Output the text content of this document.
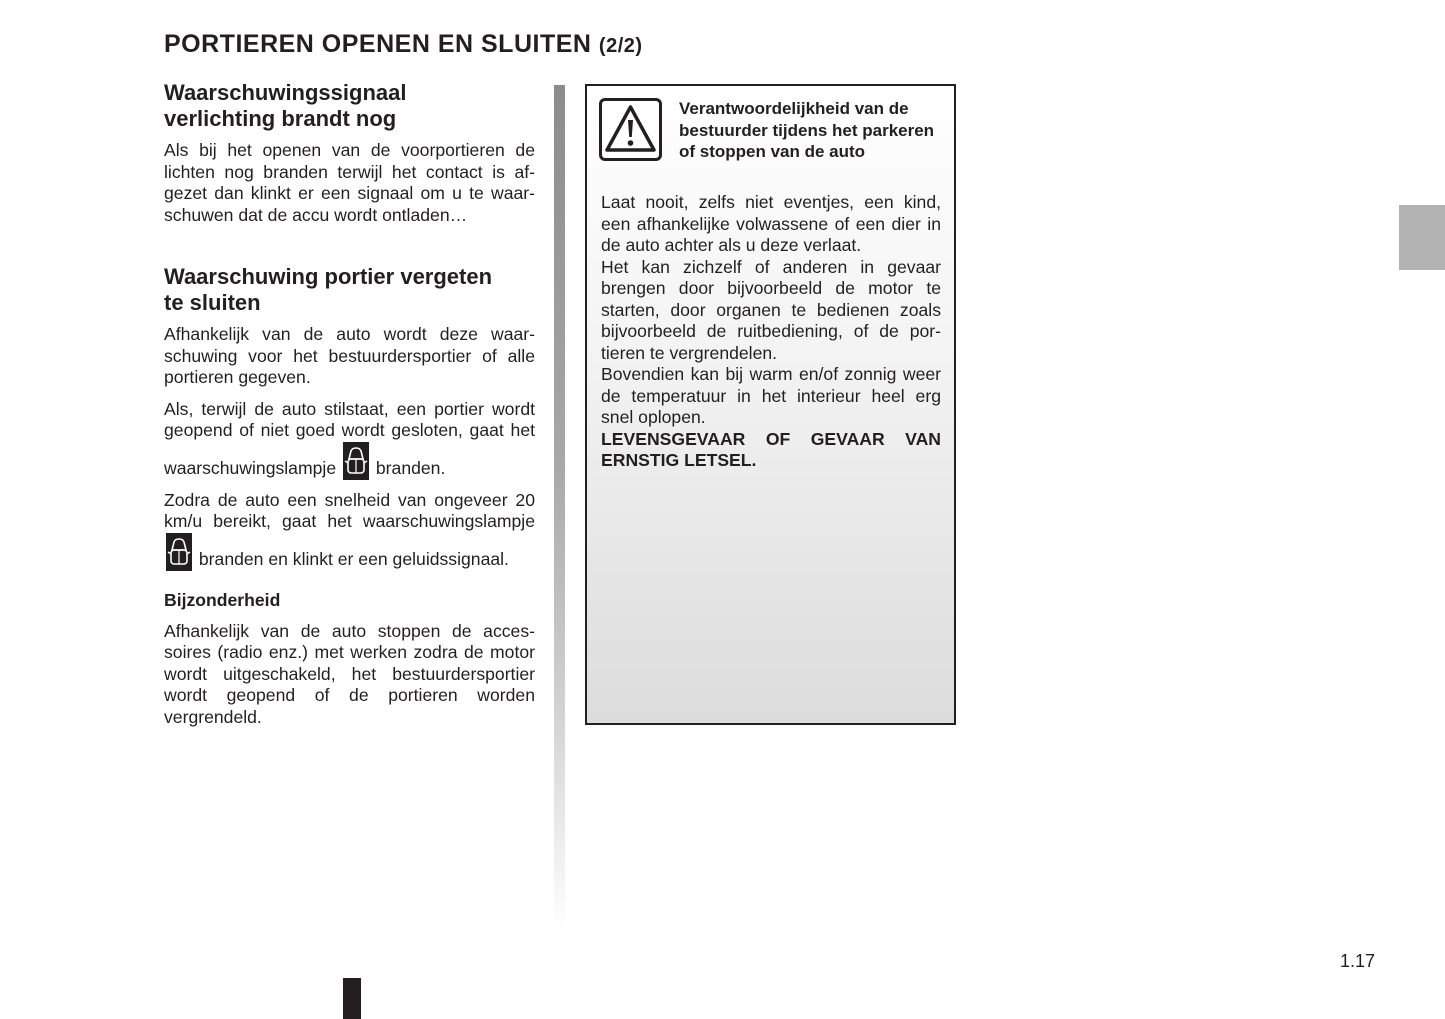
PORTIEREN OPENEN EN SLUITEN (2/2)
Waarschuwingssignaal
verlichting brandt nog

Als bij het openen van de voorportieren de lichten nog branden terwijl het contact is afgezet dan klinkt er een signaal om u te waarschuwen dat de accu wordt ontladen…

Waarschuwing portier vergeten
te sluiten

Afhankelijk van de auto wordt deze waarschuwing voor het bestuurdersportier of alle portieren gegeven.

Als, terwijl de auto stilstaat, een portier wordt geopend of niet goed wordt gesloten, gaat het waarschuwingslampje branden.

Zodra de auto een snelheid van ongeveer 20 km/u bereikt, gaat het waarschuwingslampje
branden en klinkt er een geluidssignaal.

Bijzonderheid

Afhankelijk van de auto stoppen de accessoires (radio enz.) met werken zodra de motor wordt uitgeschakeld, het bestuurdersportier wordt geopend of de portieren worden vergrendeld.

Verantwoordelijkheid van de bestuurder tijdens het parkeren of stoppen van de auto

Laat nooit, zelfs niet eventjes, een kind, een afhankelijke volwassene of een dier in de auto achter als u deze verlaat.

Het kan zichzelf of anderen in gevaar brengen door bijvoorbeeld de motor te starten, door organen te bedienen zoals bijvoorbeeld de ruitbediening, of de portieren te vergrendelen.

Bovendien kan bij warm en/of zonnig weer de temperatuur in het interieur heel erg snel oplopen.

LEVENSGEVAAR OF GEVAAR VAN ERNSTIG LETSEL.

1.17
